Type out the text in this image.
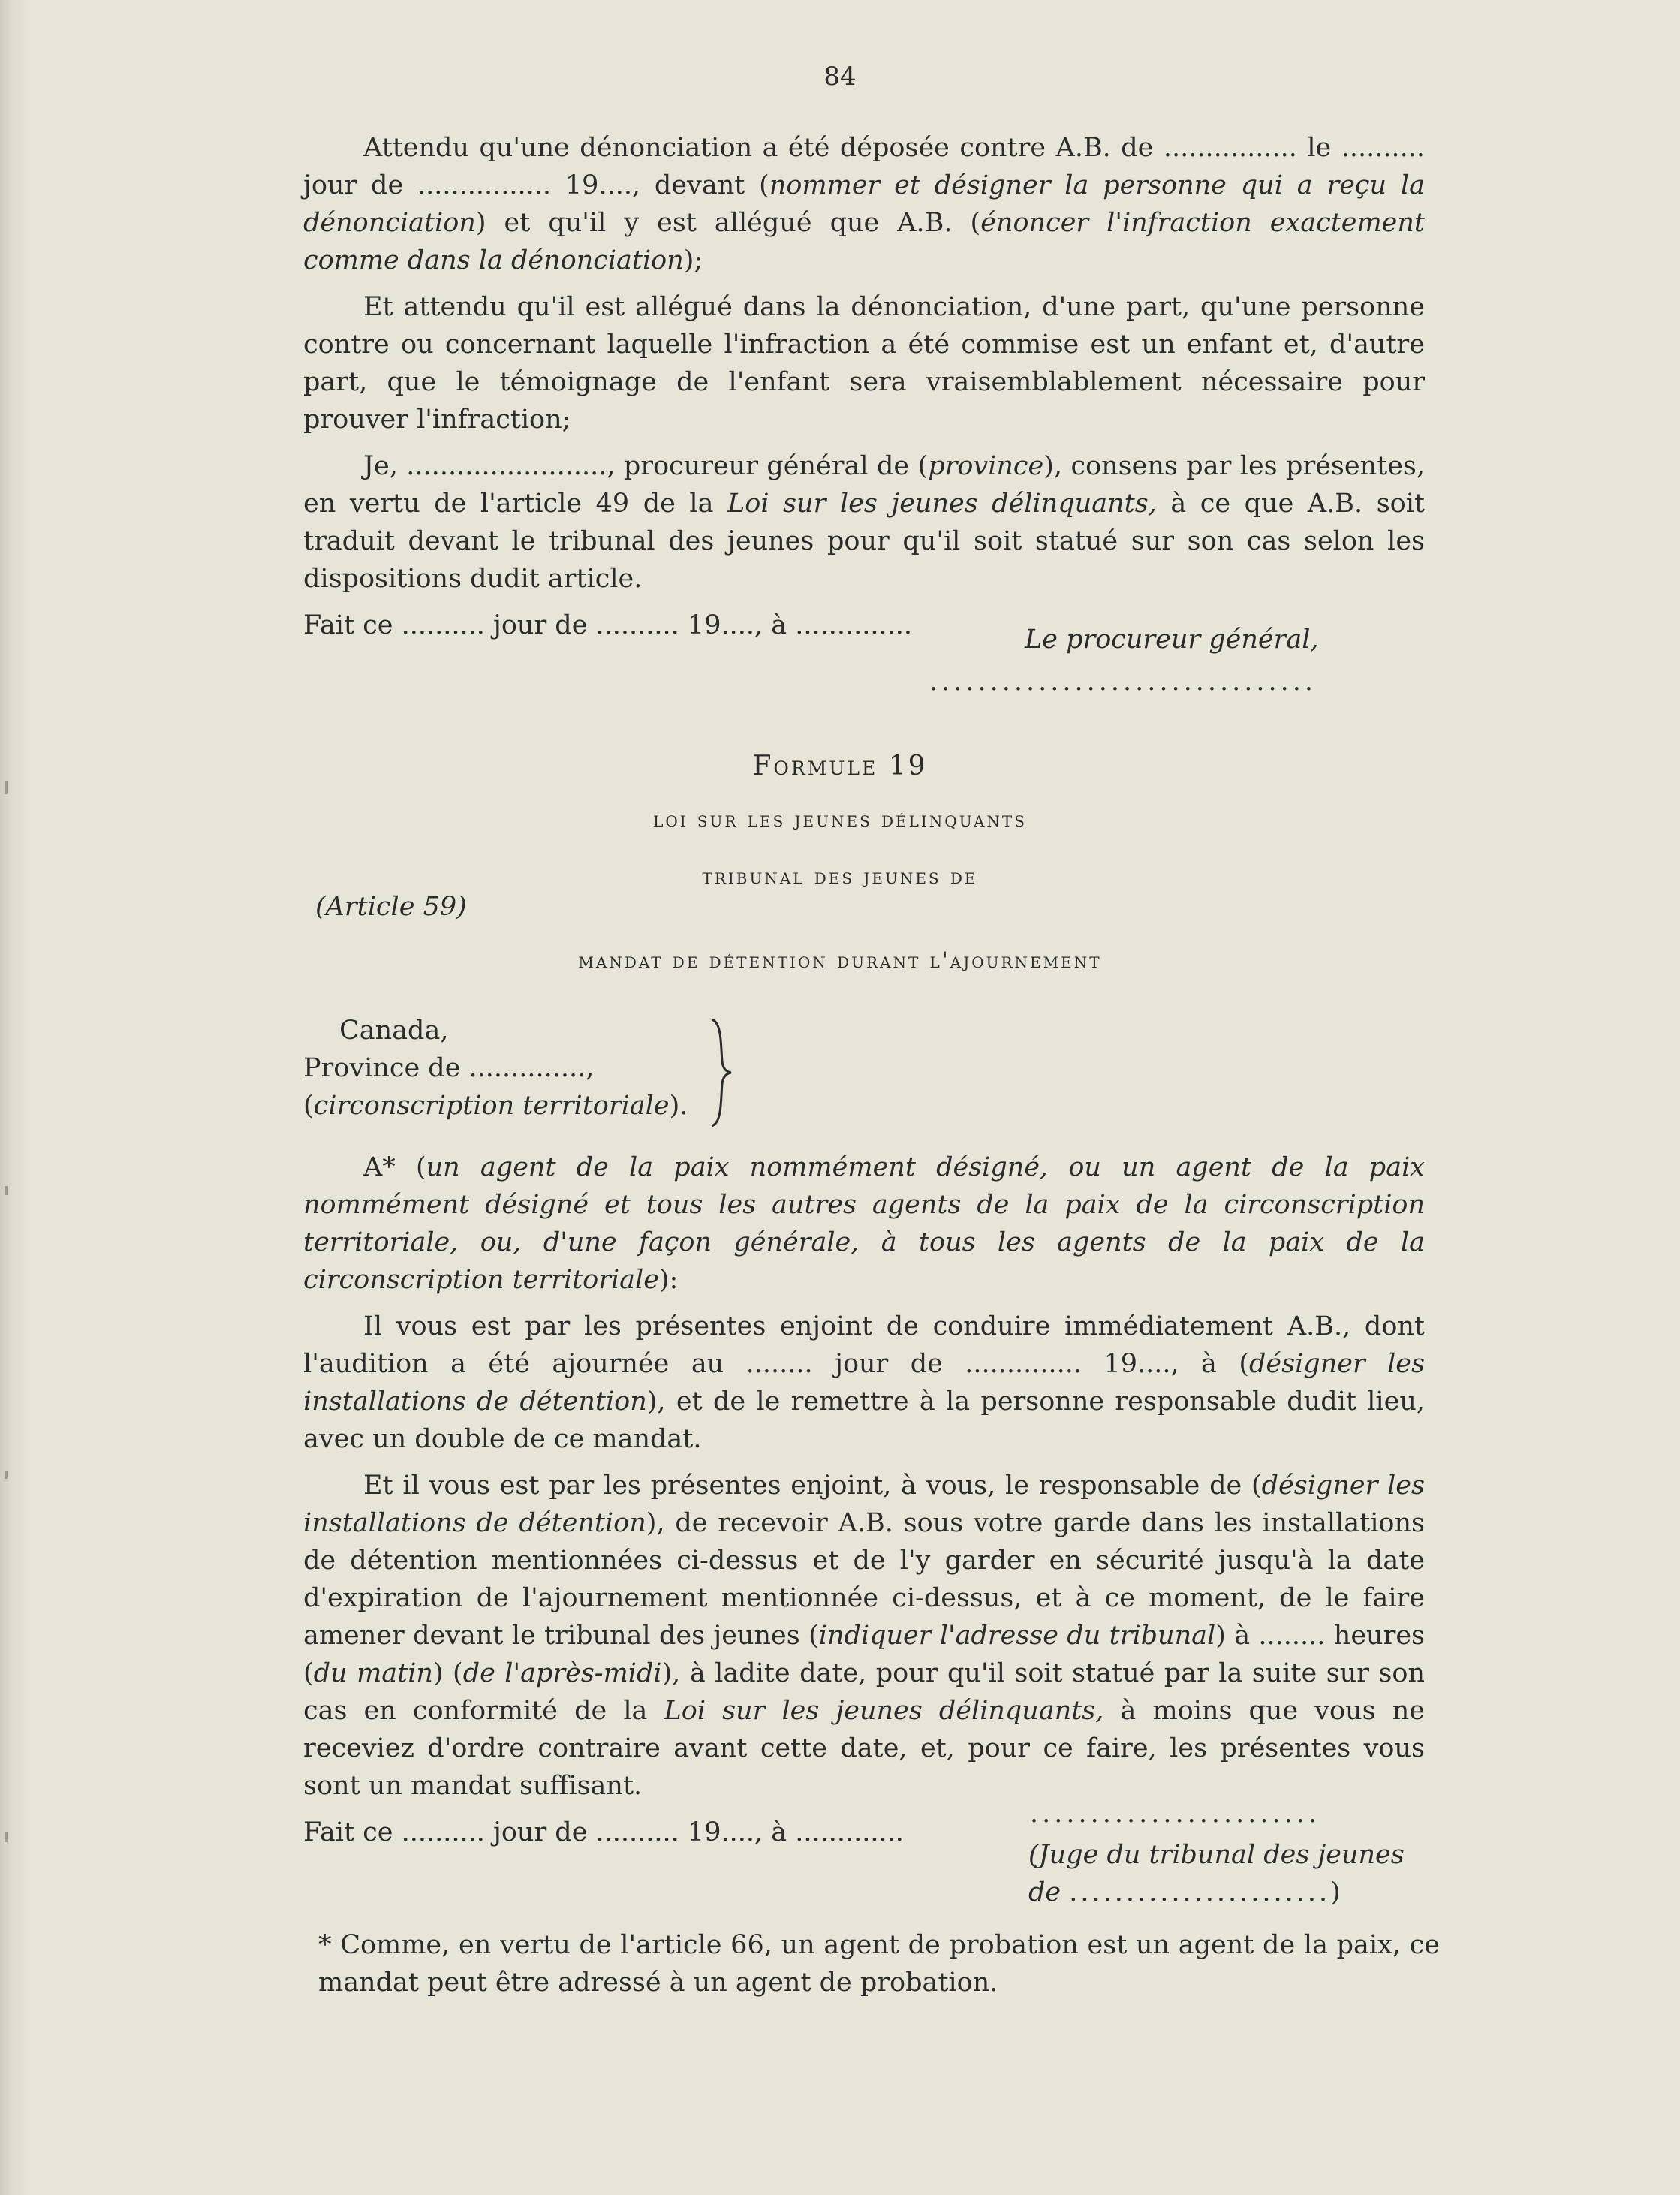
84

Attendu qu'une dénonciation a été déposée contre A.B. de ................ le .......... jour de ................ 19...., devant (nommer et désigner la personne qui a reçu la dénonciation) et qu'il y est allégué que A.B. (énoncer l'infraction exactement comme dans la dénonciation);

Et attendu qu'il est allégué dans la dénonciation, d'une part, qu'une personne contre ou concernant laquelle l'infraction a été commise est un enfant et, d'autre part, que le témoignage de l'enfant sera vraisemblablement nécessaire pour prouver l'infraction;

Je, ........................, procureur général de (province), consens par les présentes, en vertu de l'article 49 de la Loi sur les jeunes délinquants, à ce que A.B. soit traduit devant le tribunal des jeunes pour qu'il soit statué sur son cas selon les dispositions dudit article.

Fait ce .......... jour de .......... 19...., à ..............	Le procureur général,
................................
Formule 19
loi sur les jeunes délinquants
tribunal des jeunes de
(Article 59)
mandat de détention durant l'ajournement
Canada,
Province de ..............,
(circonscription territoriale).

A* (un agent de la paix nommément désigné, ou un agent de la paix nommément désigné et tous les autres agents de la paix de la circonscription territoriale, ou, d'une façon générale, à tous les agents de la paix de la circonscription territoriale):

Il vous est par les présentes enjoint de conduire immédiatement A.B., dont l'audition a été ajournée au ........ jour de .............. 19...., à (désigner les installations de détention), et de le remettre à la personne responsable dudit lieu, avec un double de ce mandat.

Et il vous est par les présentes enjoint, à vous, le responsable de (désigner les installations de détention), de recevoir A.B. sous votre garde dans les installations de détention mentionnées ci-dessus et de l'y garder en sécurité jusqu'à la date d'expiration de l'ajournement mentionnée ci-dessus, et à ce moment, de le faire amener devant le tribunal des jeunes (indiquer l'adresse du tribunal) à ........ heures (du matin) (de l'après-midi), à ladite date, pour qu'il soit statué par la suite sur son cas en conformité de la Loi sur les jeunes délinquants, à moins que vous ne receviez d'ordre contraire avant cette date, et, pour ce faire, les présentes vous sont un mandat suffisant.

Fait ce .......... jour de .......... 19...., à .............

........................
(Juge du tribunal des jeunes
de .......................)
* Comme, en vertu de l'article 66, un agent de probation est un agent de la paix, ce mandat peut être adressé à un agent de probation.
